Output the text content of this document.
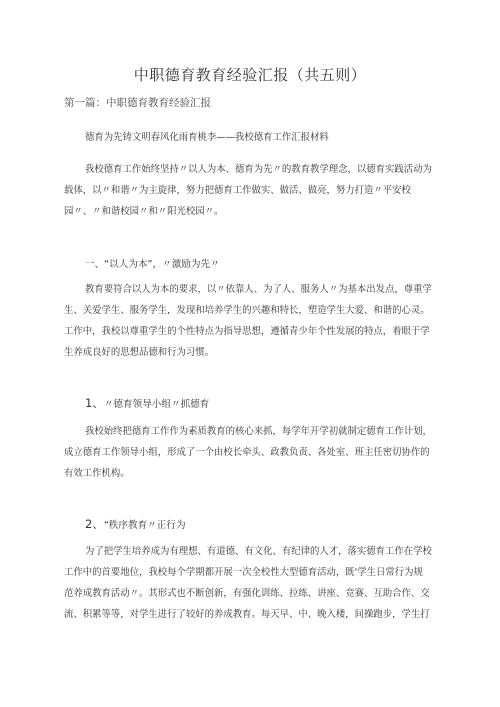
中职德育教育经验汇报（共五则）
第一篇：中职德育教育经验汇报
德育为先铸文明春风化雨育桃李——我校德育工作汇报材料
我校德育工作始终坚持〃以人为本、德育为先〃的教育教学理念，以德育实践活动为
载体，以〃和谐〃为主旋律，努力把德育工作做实、做活、做亮，努力打造〃平安校
园〃、〃和谐校园〃和〃阳光校园〃。
一、“以人为本”，〃激励为先〃
教育要符合以人为本的要求，以〃依靠人、为了人、服务人〃为基本出发点，尊重学
生、关爱学生、服务学生，发现和培养学生的兴趣和特长，塑造学生大爱、和谐的心灵。
工作中，我校以尊重学生的个性特点为指导思想，遵循青少年个性发展的特点，着眼于学
生养成良好的思想品德和行为习惯。
1、〃德育领导小组〃抓德育
我校始终把德育工作作为素质教育的核心来抓，每学年开学初就制定德育工作计划，
成立德育工作领导小组，形成了一个由校长牵头、政教负责、各处室、班主任密切协作的
有效工作机构。
2、“秩序教育〃正行为
为了把学生培养成为有理想、有道德、有文化、有纪律的人才，落实德育工作在学校
工作中的首要地位，我校每个学期都开展一次全校性大型德育活动，既'学生日常行为规
范养成教育活动〃。其形式也不断创新，有强化训练、拉练、讲座、竞赛、互助合作、交
流、积累等等，对学生进行了较好的养成教育。每天早、中、晚入楼，间操跑步，学生打
